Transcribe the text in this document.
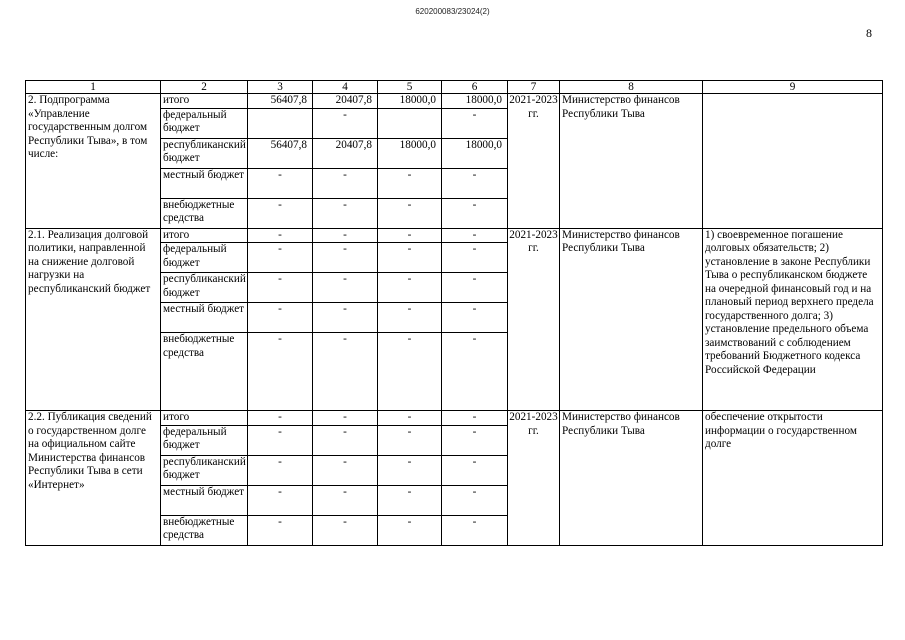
620200083/23024(2)
8
1	2	3	4	5	6	7	8	9
2. Подпрограмма «Управление государственным долгом Республики Тыва», в том числе:	итого	56407,8	20407,8	18000,0	18000,0	2021-2023 гг.	Министерство финансов Республики Тыва	
	федеральный бюджет		-		-			
	республиканский бюджет	56407,8	20407,8	18000,0	18000,0			
	местный бюджет	-	-	-	-			
	внебюджетные средства	-	-	-	-			
2.1. Реализация долговой политики, направленной на снижение долговой нагрузки на республиканский бюджет	итого	-	-	-	-	2021-2023 гг.	Министерство финансов Республики Тыва	1) своевременное погашение долговых обязательств; 2) установление в законе Республики Тыва о республиканском бюджете на очередной финансовый год и на плановый период верхнего предела государственного долга; 3) установление предельного объема заимствований с соблюдением требований Бюджетного кодекса Российской Федерации
	федеральный бюджет	-	-	-	-			
	республиканский бюджет	-	-	-	-			
	местный бюджет	-	-	-	-			
	внебюджетные средства	-	-	-	-			
2.2. Публикация сведений о государственном долге на официальном сайте Министерства финансов Республики Тыва в сети «Интернет»	итого	-	-	-	-	2021-2023 гг.	Министерство финансов Республики Тыва	обеспечение открытости информации о государственном долге
	федеральный бюджет	-	-	-	-			
	республиканский бюджет	-	-	-	-			
	местный бюджет	-	-	-	-			
	внебюджетные средства	-	-	-	-			
